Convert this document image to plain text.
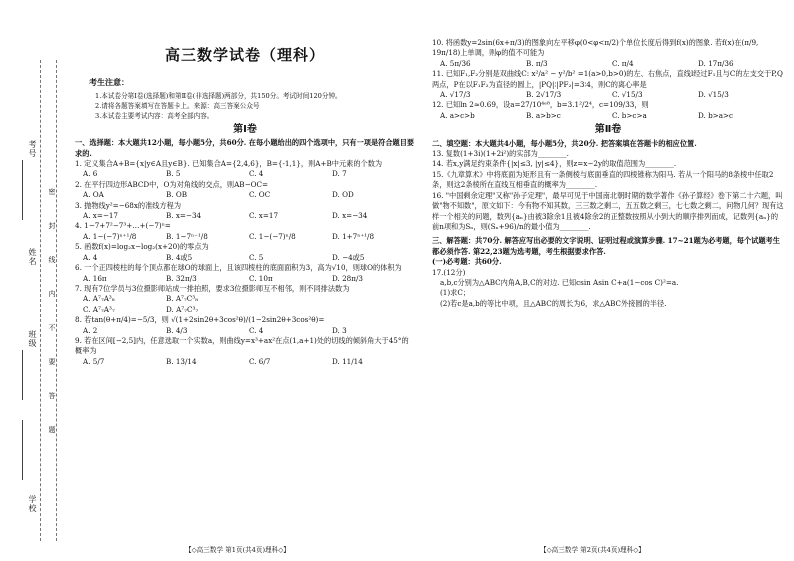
考号
班级
姓名
学校
密
封
线
内
不
要
答
题
高三数学试卷（理科）
考生注意：
1.本试卷分第Ⅰ卷(选择题)和第Ⅱ卷(非选择题)两部分，共150分。考试时间120分钟。
2.请将各题答案填写在答题卡上。来源：高三答案公众号
3.本试卷主要考试内容：高考全部内容。
第Ⅰ卷
一、选择题：本大题共12小题，每小题5分，共60分. 在每小题给出的四个选项中，只有一项是符合题目要求的.
1. 定义集合A+B={x|y∈A且y∈B}. 已知集合A={2,4,6}，B={-1,1}，则A+B中元素的个数为
A. 6	B. 5	C. 4	D. 7
2. 在平行四边形ABCD中，O为对角线的交点，则AB−OC=
A. OA	B. OB	C. OC	D. OD
3. 抛物线y²=−68x的准线方程为
A. x=−17	B. x=−34	C. x=17	D. x=−34
4. 1−7+7²−7³+…+(−7)ⁿ=
A. 1−(−7)ⁿ⁺¹/8	B. 1−7ⁿ⁻¹/8	C. 1−(−7)ⁿ/8	D. 1+7ⁿ⁺¹/8
5. 函数f(x)=log₂x−log₂(x+20)的零点为
A. 4	B. 4或5	C. 5	D. −4或5
6. 一个正四棱柱的每个顶点都在球O的球面上，且该四棱柱的底面面积为3，高为√10，则球O的体积为
A. 16π	B. 32π/3	C. 10π	D. 28π/3
7. 现有7位学员与3位摄影师站成一排拍照，要求3位摄影师互不相邻，则不同排法数为
A. A⁷₇A³₈	B. A⁷₇C³₈
C. A⁷₇A³₇	D. A⁷₇C³₇
8. 若tan(θ+π/4)=−5/3，则 √(1+2sin2θ+3cos²θ)/(1−2sin2θ+3cos²θ)=
A. 2	B. 4/3	C. 4	D. 3
9. 若在区间[−2,5]内，任意选取一个实数a，则曲线y=x³+ax²在点(1,a+1)处的切线的倾斜角大于45°的概率为
A. 5/7	B. 13/14	C. 6/7	D. 11/14
【◇高三数学 第1页(共4页)理科◇】
10. 将函数y=2sin(6x+π/3)的图象向左平移φ(0<φ<π/2)个单位长度后得到f(x)的图象. 若f(x)在(π/9, 19π/18)上单调，则φ的值不可能为
A. 5π/36	B. π/3	C. π/4	D. 17π/36
11. 已知F₁,F₂分别是双曲线C: x²/a² − y²/b² =1(a>0,b>0)的左、右焦点，直线l经过F₁且与C的左支交于P,Q两点，P在以F₁F₂为直径的圆上，|PQ|∶|PF₂|=3∶4，则C的离心率是
A. √17/3	B. 2√17/3	C. √15/3	D. √15/3
12. 已知ln 2≈0.69，设a=27/10⁴ᵉ⁸，b=3.1²/2⁴，c=109/33，则
A. a>c>b	B. a>b>c	C. b>c>a	D. b>a>c
第Ⅱ卷
二、填空题：本大题共4小题，每小题5分，共20分. 把答案填在答题卡的相应位置.
13. 复数(1+3i)(1+2i²)的实部为________.
14. 若x,y满足约束条件{|x|≤3, |y|≤4}，则z=x−2y的取值范围为________.
15.《九章算术》中将底面为矩形且有一条侧棱与底面垂直的四棱锥称为阳马. 若从一个阳马的8条棱中任取2条，则这2条棱所在直线互相垂直的概率为________.
16. "中国剩余定理"又称"孙子定理"，最早可见于中国南北朝时期的数学著作《孙子算经》卷下第二十六题，叫做"物不知数"，原文如下：今有物不知其数，三三数之剩二，五五数之剩三，七七数之剩二，问物几何？现有这样一个相关的问题，数列{aₙ}由被3除余1且被4除余2的正整数按照从小到大的顺序排列而成，记数列{aₙ}的前n项和为Sₙ，则(Sₙ+96)/n的最小值为________.
三、解答题：共70分. 解答应写出必要的文字说明、证明过程或演算步骤. 17~21题为必考题，每个试题考生都必须作答. 第22,23题为选考题，考生根据要求作答.
(一)必考题：共60分.
17.(12分)
a,b,c分别为△ABC内角A,B,C的对边. 已知csin Asin C+a(1−cos C)²=a.
(1)求C；
(2)若c是a,b的等比中项，且△ABC的周长为6，求△ABC外接圆的半径.
【◇高三数学 第2页(共4页)理科◇】
